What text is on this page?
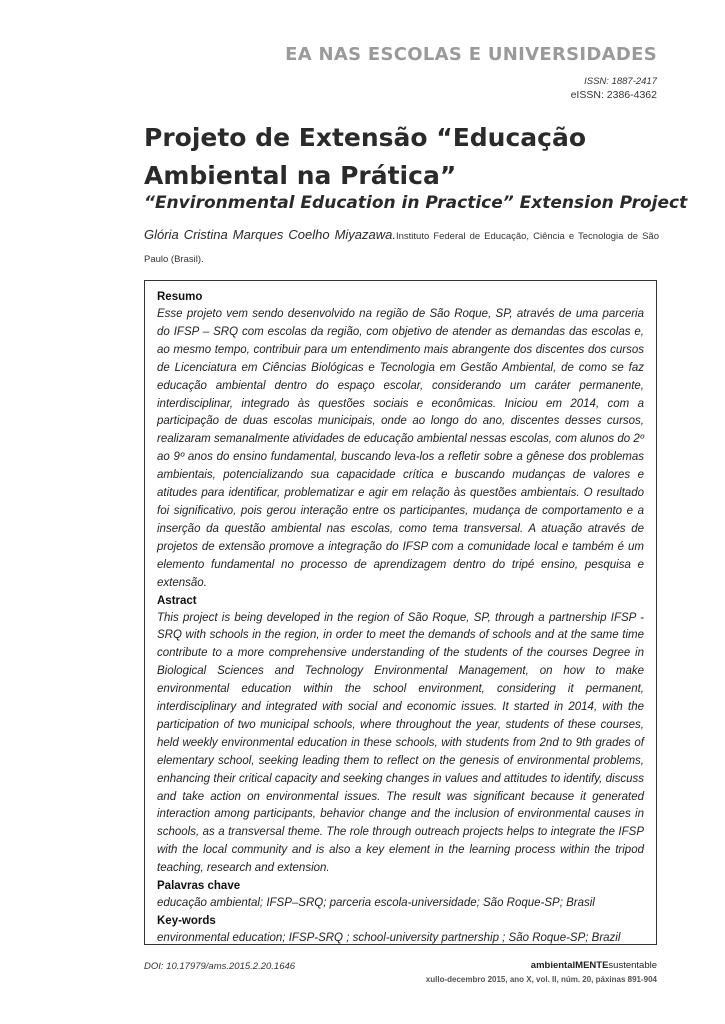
EA NAS ESCOLAS E UNIVERSIDADES
ISSN: 1887-2417
eISSN: 2386-4362
Projeto de Extensão “Educação Ambiental na Prática”
“Environmental Education in Practice” Extension Project
Glória Cristina Marques Coelho Miyazawa.Instituto Federal de Educação, Ciência e Tecnologia de São Paulo (Brasil).

Resumo

Esse projeto vem sendo desenvolvido na região de São Roque, SP, através de uma parceria do IFSP – SRQ com escolas da região, com objetivo de atender as demandas das escolas e, ao mesmo tempo, contribuir para um entendimento mais abrangente dos discentes dos cursos de Licenciatura em Ciências Biológicas e Tecnologia em Gestão Ambiental, de como se faz educação ambiental dentro do espaço escolar, considerando um caráter permanente, interdisciplinar, integrado às questões sociais e econômicas. Iniciou em 2014, com a participação de duas escolas municipais, onde ao longo do ano, discentes desses cursos, realizaram semanalmente atividades de educação ambiental nessas escolas, com alunos do 2º ao 9º anos do ensino fundamental, buscando leva-los a refletir sobre a gênese dos problemas ambientais, potencializando sua capacidade crítica e buscando mudanças de valores e atitudes para identificar, problematizar e agir em relação às questões ambientais. O resultado foi significativo, pois gerou interação entre os participantes, mudança de comportamento e a inserção da questão ambiental nas escolas, como tema transversal. A atuação através de projetos de extensão promove a integração do IFSP com a comunidade local e também é um elemento fundamental no processo de aprendizagem dentro do tripé ensino, pesquisa e extensão.

Astract

This project is being developed in the region of São Roque, SP, through a partnership IFSP - SRQ with schools in the region, in order to meet the demands of schools and at the same time contribute to a more comprehensive understanding of the students of the courses Degree in Biological Sciences and Technology Environmental Management, on how to make environmental education within the school environment, considering it permanent, interdisciplinary and integrated with social and economic issues. It started in 2014, with the participation of two municipal schools, where throughout the year, students of these courses, held weekly environmental education in these schools, with students from 2nd to 9th grades of elementary school, seeking leading them to reflect on the genesis of environmental problems, enhancing their critical capacity and seeking changes in values and attitudes to identify, discuss and take action on environmental issues. The result was significant because it generated interaction among participants, behavior change and the inclusion of environmental causes in schools, as a transversal theme. The role through outreach projects helps to integrate the IFSP with the local community and is also a key element in the learning process within the tripod teaching, research and extension.

Palavras chave

educação ambiental; IFSP–SRQ; parceria escola-universidade; São Roque-SP; Brasil

Key-words

environmental education; IFSP-SRQ ; school-university partnership ; São Roque-SP; Brazil

DOI: 10.17979/ams.2015.2.20.1646	ambientalMENTEsustentable
xullo-decembro 2015, ano X, vol. II, núm. 20, páxinas 891-904
